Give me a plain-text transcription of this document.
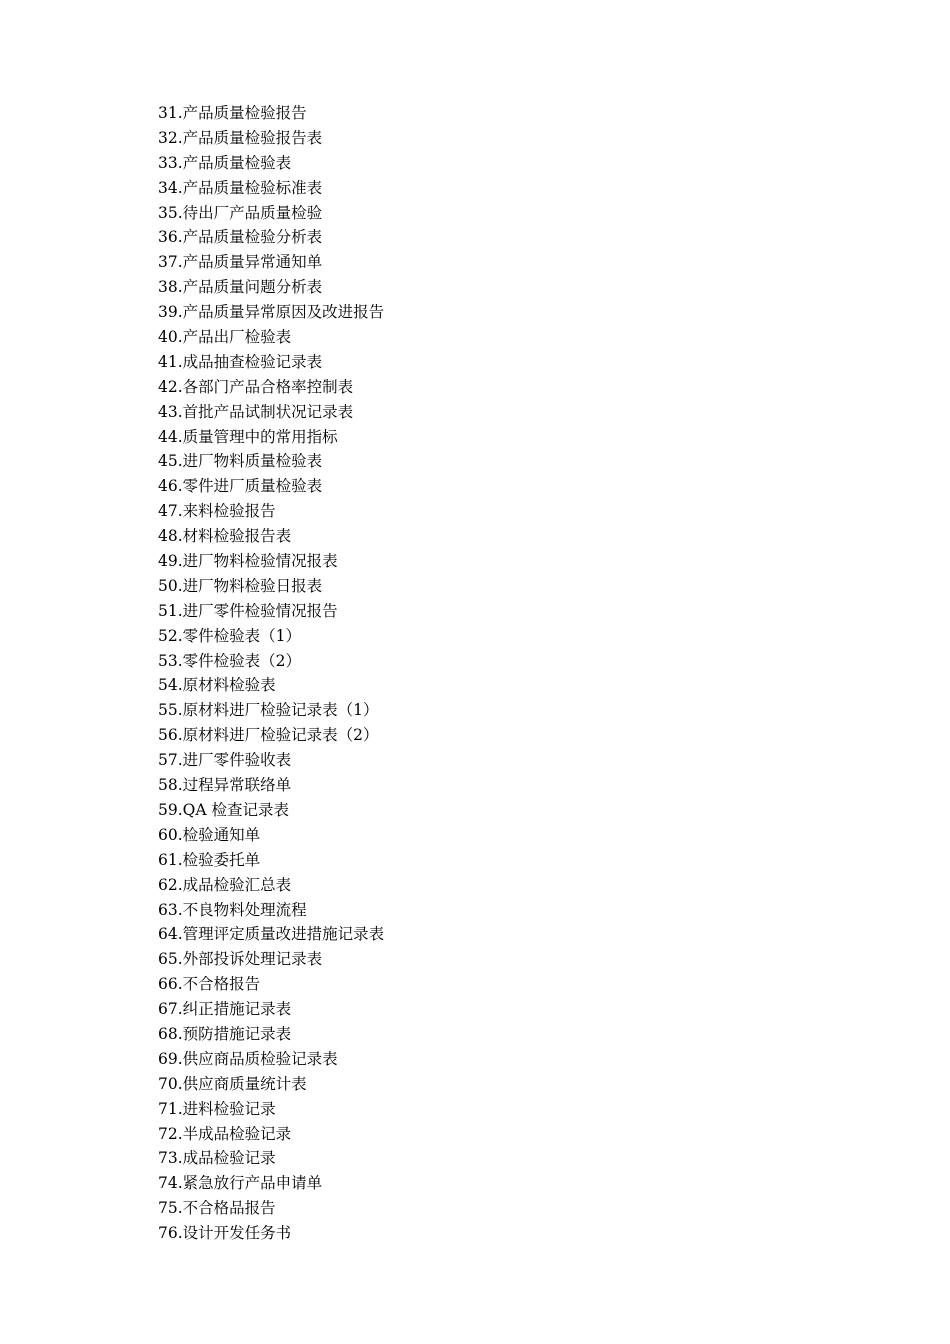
31.产品质量检验报告
32.产品质量检验报告表
33.产品质量检验表
34.产品质量检验标准表
35.待出厂产品质量检验
36.产品质量检验分析表
37.产品质量异常通知单
38.产品质量问题分析表
39.产品质量异常原因及改进报告
40.产品出厂检验表
41.成品抽查检验记录表
42.各部门产品合格率控制表
43.首批产品试制状况记录表
44.质量管理中的常用指标
45.进厂物料质量检验表
46.零件进厂质量检验表
47.来料检验报告
48.材料检验报告表
49.进厂物料检验情况报表
50.进厂物料检验日报表
51.进厂零件检验情况报告
52.零件检验表（1）
53.零件检验表（2）
54.原材料检验表
55.原材料进厂检验记录表（1）
56.原材料进厂检验记录表（2）
57.进厂零件验收表
58.过程异常联络单
59.QA 检查记录表
60.检验通知单
61.检验委托单
62.成品检验汇总表
63.不良物料处理流程
64.管理评定质量改进措施记录表
65.外部投诉处理记录表
66.不合格报告
67.纠正措施记录表
68.预防措施记录表
69.供应商品质检验记录表
70.供应商质量统计表
71.进料检验记录
72.半成品检验记录
73.成品检验记录
74.紧急放行产品申请单
75.不合格品报告
76.设计开发任务书
